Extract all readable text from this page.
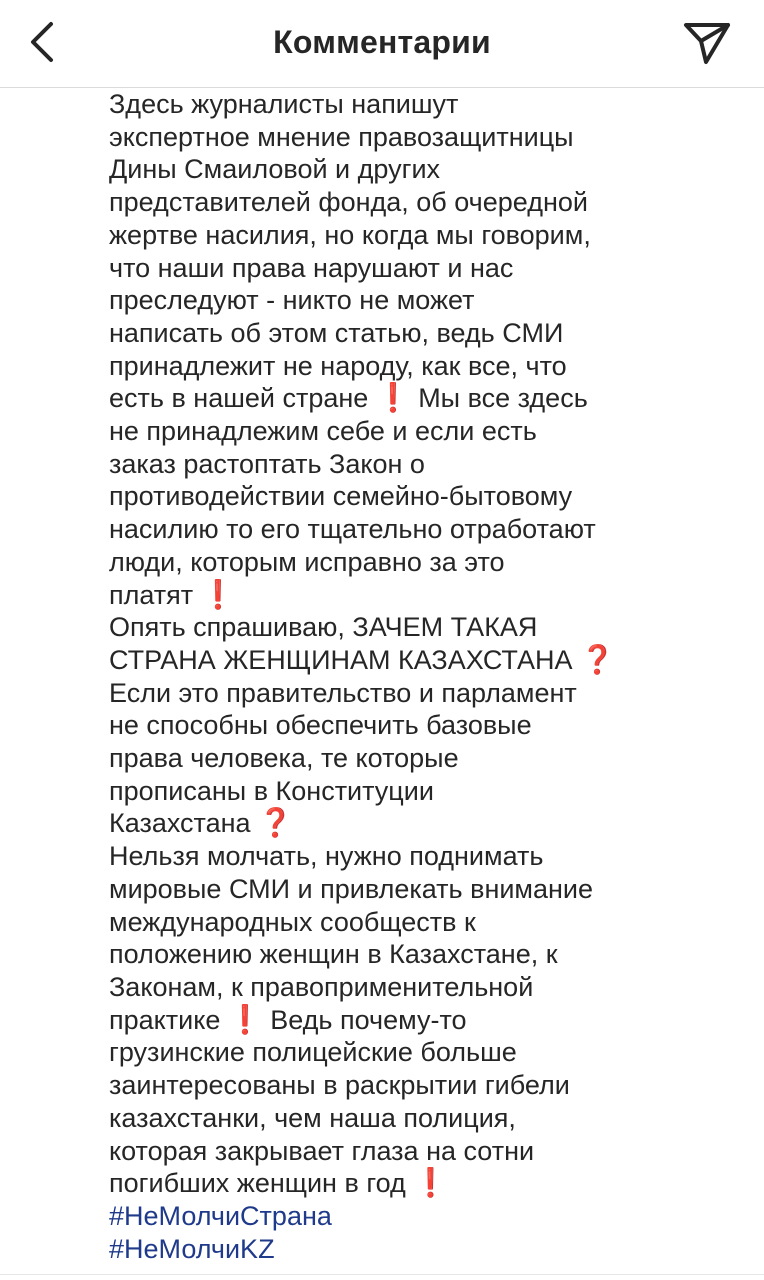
Комментарии
Здесь журналисты напишут
экспертное мнение правозащитницы
Дины Смаиловой и других
представителей фонда, об очередной
жертве насилия, но когда мы говорим,
что наши права нарушают и нас
преследуют - никто не может
написать об этом статью, ведь СМИ
принадлежит не народу, как все, что
есть в нашей стране ❗ Мы все здесь
не принадлежим себе и если есть
заказ растоптать Закон о
противодействии семейно-бытовому
насилию то его тщательно отработают
люди, которым исправно за это
платят ❗
Опять спрашиваю, ЗАЧЕМ ТАКАЯ
СТРАНА ЖЕНЩИНАМ КАЗАХСТАНА ❓
Если это правительство и парламент
не способны обеспечить базовые
права человека, те которые
прописаны в Конституции
Казахстана ❓
Нельзя молчать, нужно поднимать
мировые СМИ и привлекать внимание
международных сообществ к
положению женщин в Казахстане, к
Законам, к правоприменительной
практике ❗ Ведь почему-то
грузинские полицейские больше
заинтересованы в раскрытии гибели
казахстанки, чем наша полиция,
которая закрывает глаза на сотни
погибших женщин в год ❗
#НеМолчиСтрана
#НеМолчиKZ
